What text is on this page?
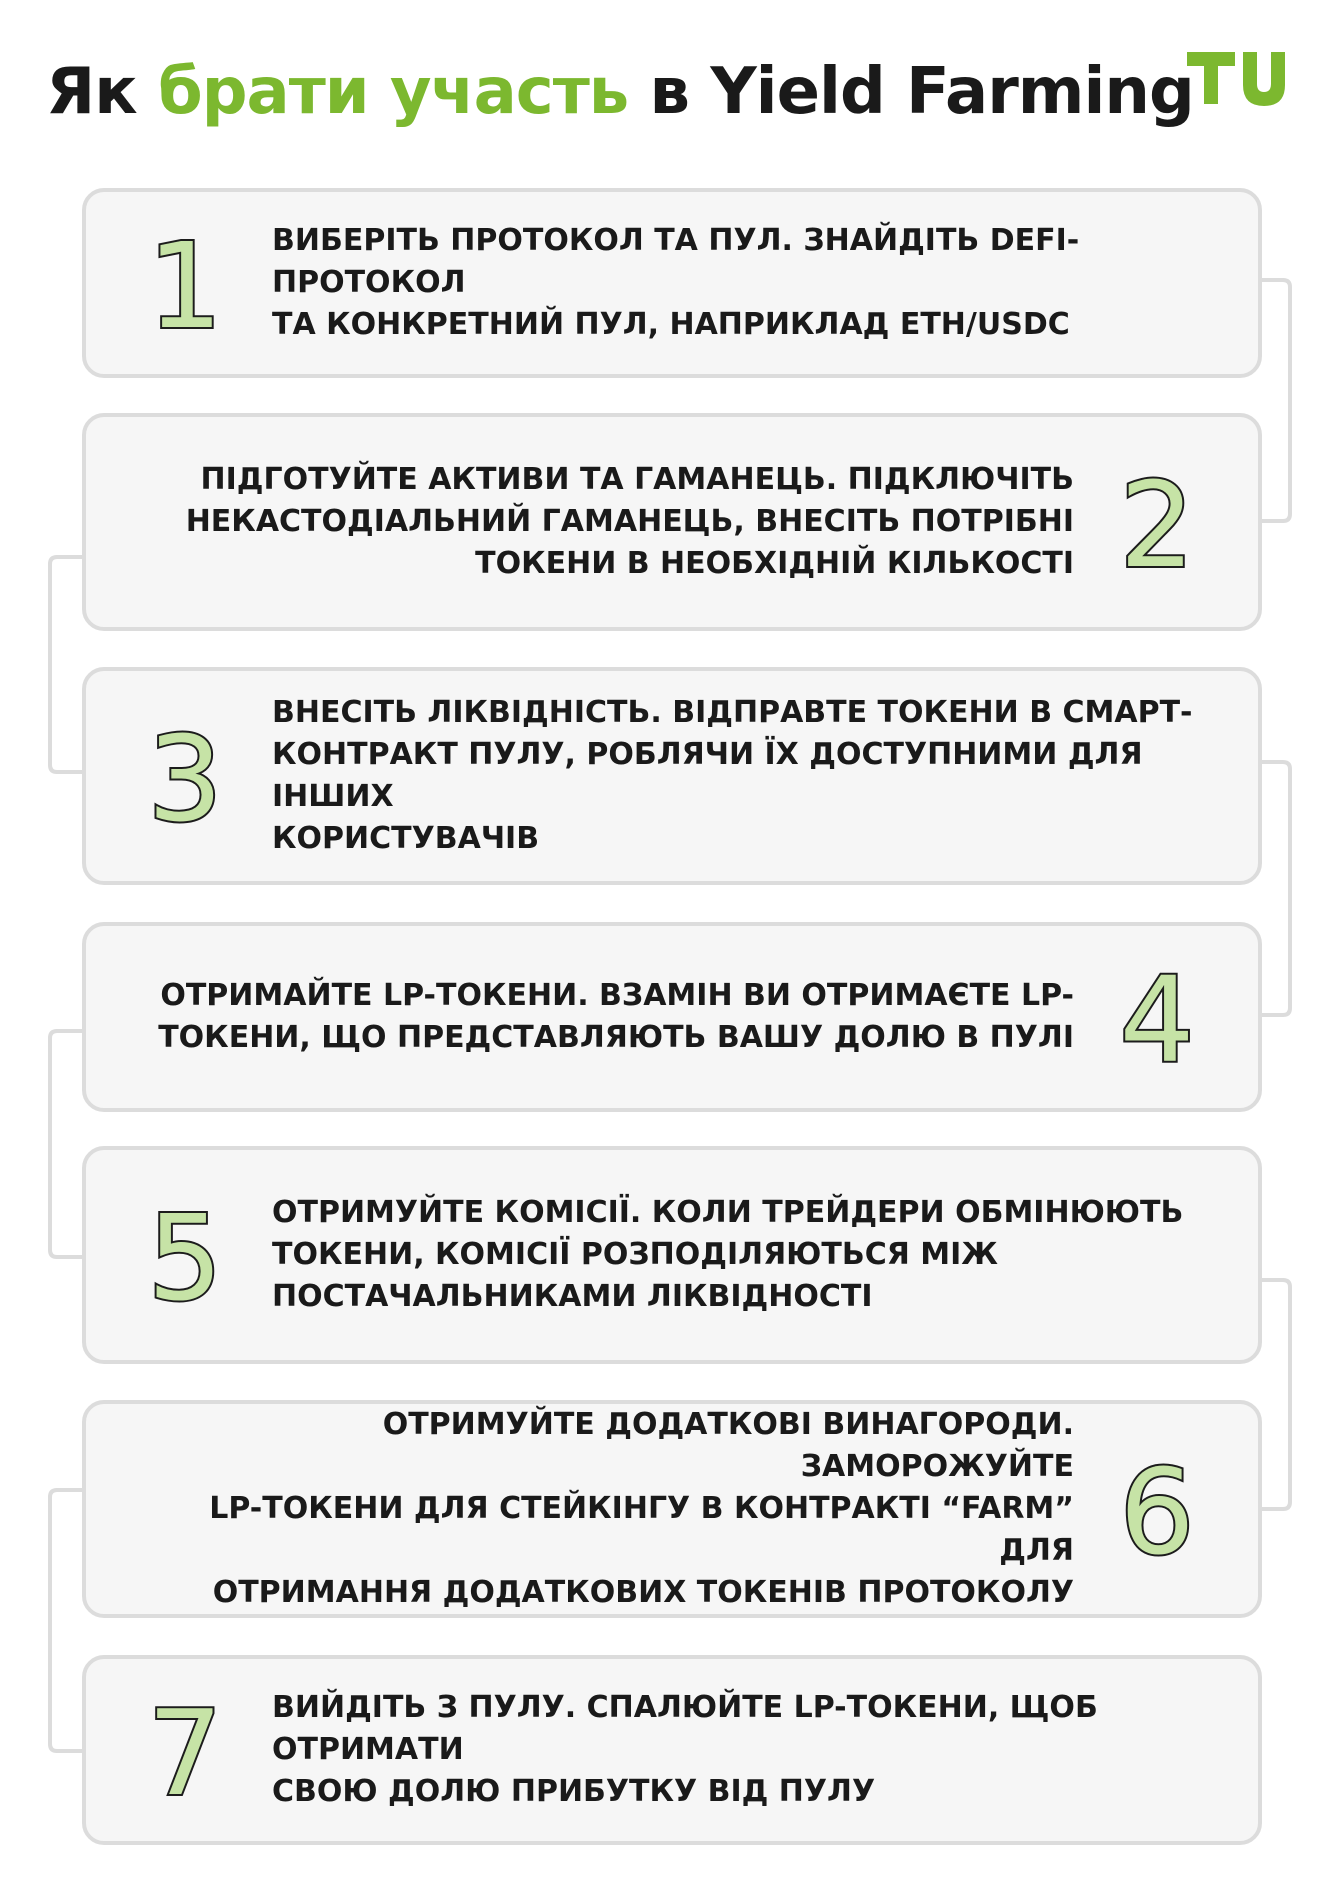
Як брати участь в Yield Farming
1 ВИБЕРІТЬ ПРОТОКОЛ ТА ПУЛ. ЗНАЙДІТЬ DEFI-ПРОТОКОЛ
ТА КОНКРЕТНИЙ ПУЛ, НАПРИКЛАД ETH/USDC

2

ПІДГОТУЙТЕ АКТИВИ ТА ГАМАНЕЦЬ. ПІДКЛЮЧІТЬ
НЕКАСТОДІАЛЬНИЙ ГАМАНЕЦЬ, ВНЕСІТЬ ПОТРІБНІ
ТОКЕНИ В НЕОБХІДНІЙ КІЛЬКОСТІ

3 ВНЕСІТЬ ЛІКВІДНІСТЬ. ВІДПРАВТЕ ТОКЕНИ В СМАРТ-
КОНТРАКТ ПУЛУ, РОБЛЯЧИ ЇХ ДОСТУПНИМИ ДЛЯ ІНШИХ
КОРИСТУВАЧІВ

4

ОТРИМАЙТЕ LP-ТОКЕНИ. ВЗАМІН ВИ ОТРИМАЄТЕ LP-
ТОКЕНИ, ЩО ПРЕДСТАВЛЯЮТЬ ВАШУ ДОЛЮ В ПУЛІ

5 ОТРИМУЙТЕ КОМІСІЇ. КОЛИ ТРЕЙДЕРИ ОБМІНЮЮТЬ
ТОКЕНИ, КОМІСІЇ РОЗПОДІЛЯЮТЬСЯ МІЖ
ПОСТАЧАЛЬНИКАМИ ЛІКВІДНОСТІ

6

ОТРИМУЙТЕ ДОДАТКОВІ ВИНАГОРОДИ. ЗАМОРОЖУЙТЕ
LP-ТОКЕНИ ДЛЯ СТЕЙКІНГУ В КОНТРАКТІ “FARM” ДЛЯ
ОТРИМАННЯ ДОДАТКОВИХ ТОКЕНІВ ПРОТОКОЛУ

7 ВИЙДІТЬ З ПУЛУ. СПАЛЮЙТЕ LP-ТОКЕНИ, ЩОБ ОТРИМАТИ
СВОЮ ДОЛЮ ПРИБУТКУ ВІД ПУЛУ
